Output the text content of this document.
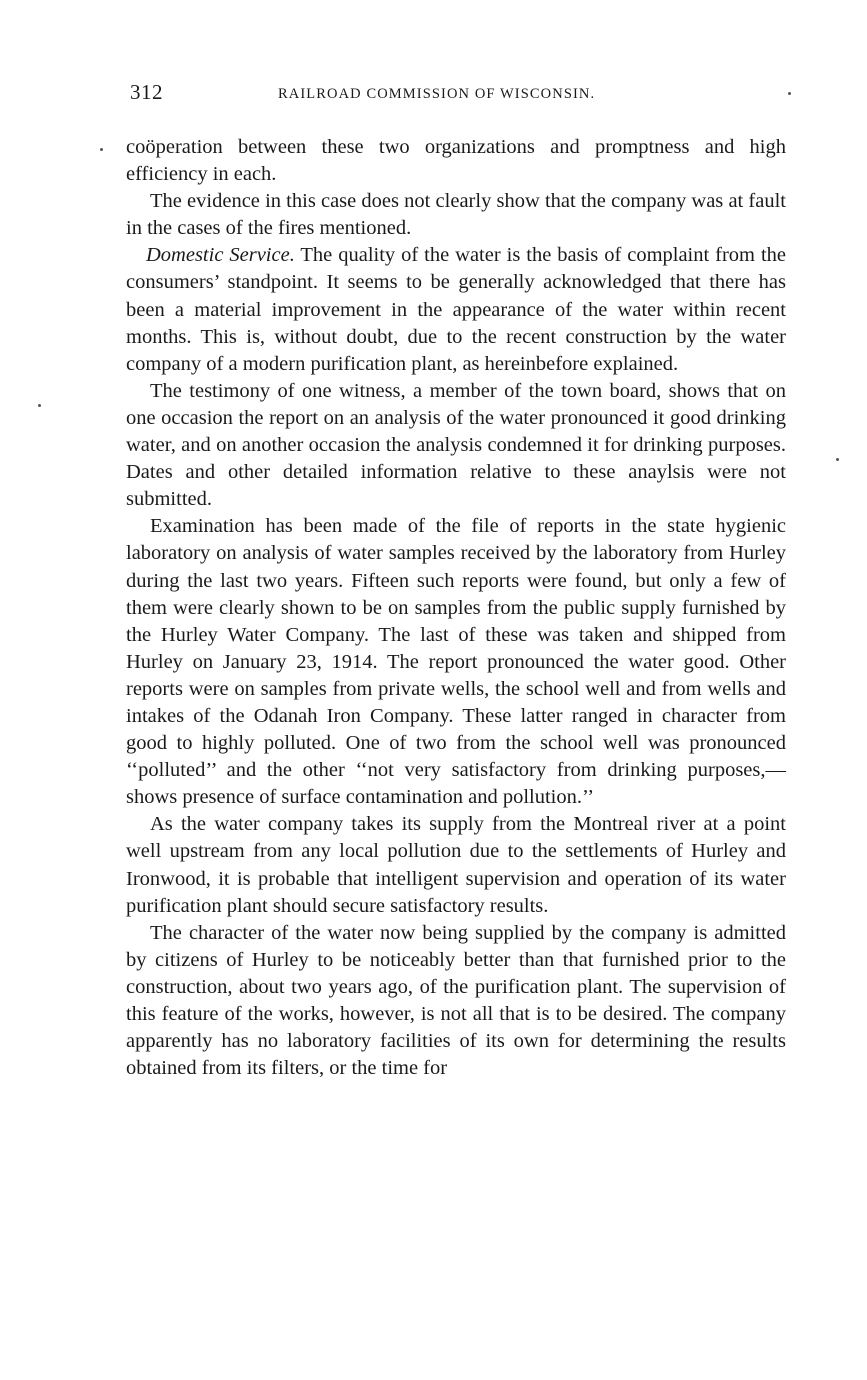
312	RAILROAD COMMISSION OF WISCONSIN.

coöperation between these two organizations and promptness and high efficiency in each.

The evidence in this case does not clearly show that the company was at fault in the cases of the fires mentioned.

Domestic Service. The quality of the water is the basis of complaint from the consumers’ standpoint. It seems to be generally acknowledged that there has been a material improvement in the appearance of the water within recent months. This is, without doubt, due to the recent construction by the water company of a modern purification plant, as hereinbefore explained.

The testimony of one witness, a member of the town board, shows that on one occasion the report on an analysis of the water pronounced it good drinking water, and on another occasion the analysis condemned it for drinking purposes. Dates and other detailed information relative to these anaylsis were not submitted.

Examination has been made of the file of reports in the state hygienic laboratory on analysis of water samples received by the laboratory from Hurley during the last two years. Fifteen such reports were found, but only a few of them were clearly shown to be on samples from the public supply furnished by the Hurley Water Company. The last of these was taken and shipped from Hurley on January 23, 1914. The report pronounced the water good. Other reports were on samples from private wells, the school well and from wells and intakes of the Odanah Iron Company. These latter ranged in character from good to highly polluted. One of two from the school well was pronounced ‘‘polluted’’ and the other ‘‘not very satisfactory from drinking purposes,—shows presence of surface contamination and pollution.’’

As the water company takes its supply from the Montreal river at a point well upstream from any local pollution due to the settlements of Hurley and Ironwood, it is probable that intelligent supervision and operation of its water purification plant should secure satisfactory results.

The character of the water now being supplied by the company is admitted by citizens of Hurley to be noticeably better than that furnished prior to the construction, about two years ago, of the purification plant. The supervision of this feature of the works, however, is not all that is to be desired. The company apparently has no laboratory facilities of its own for determining the results obtained from its filters, or the time for
